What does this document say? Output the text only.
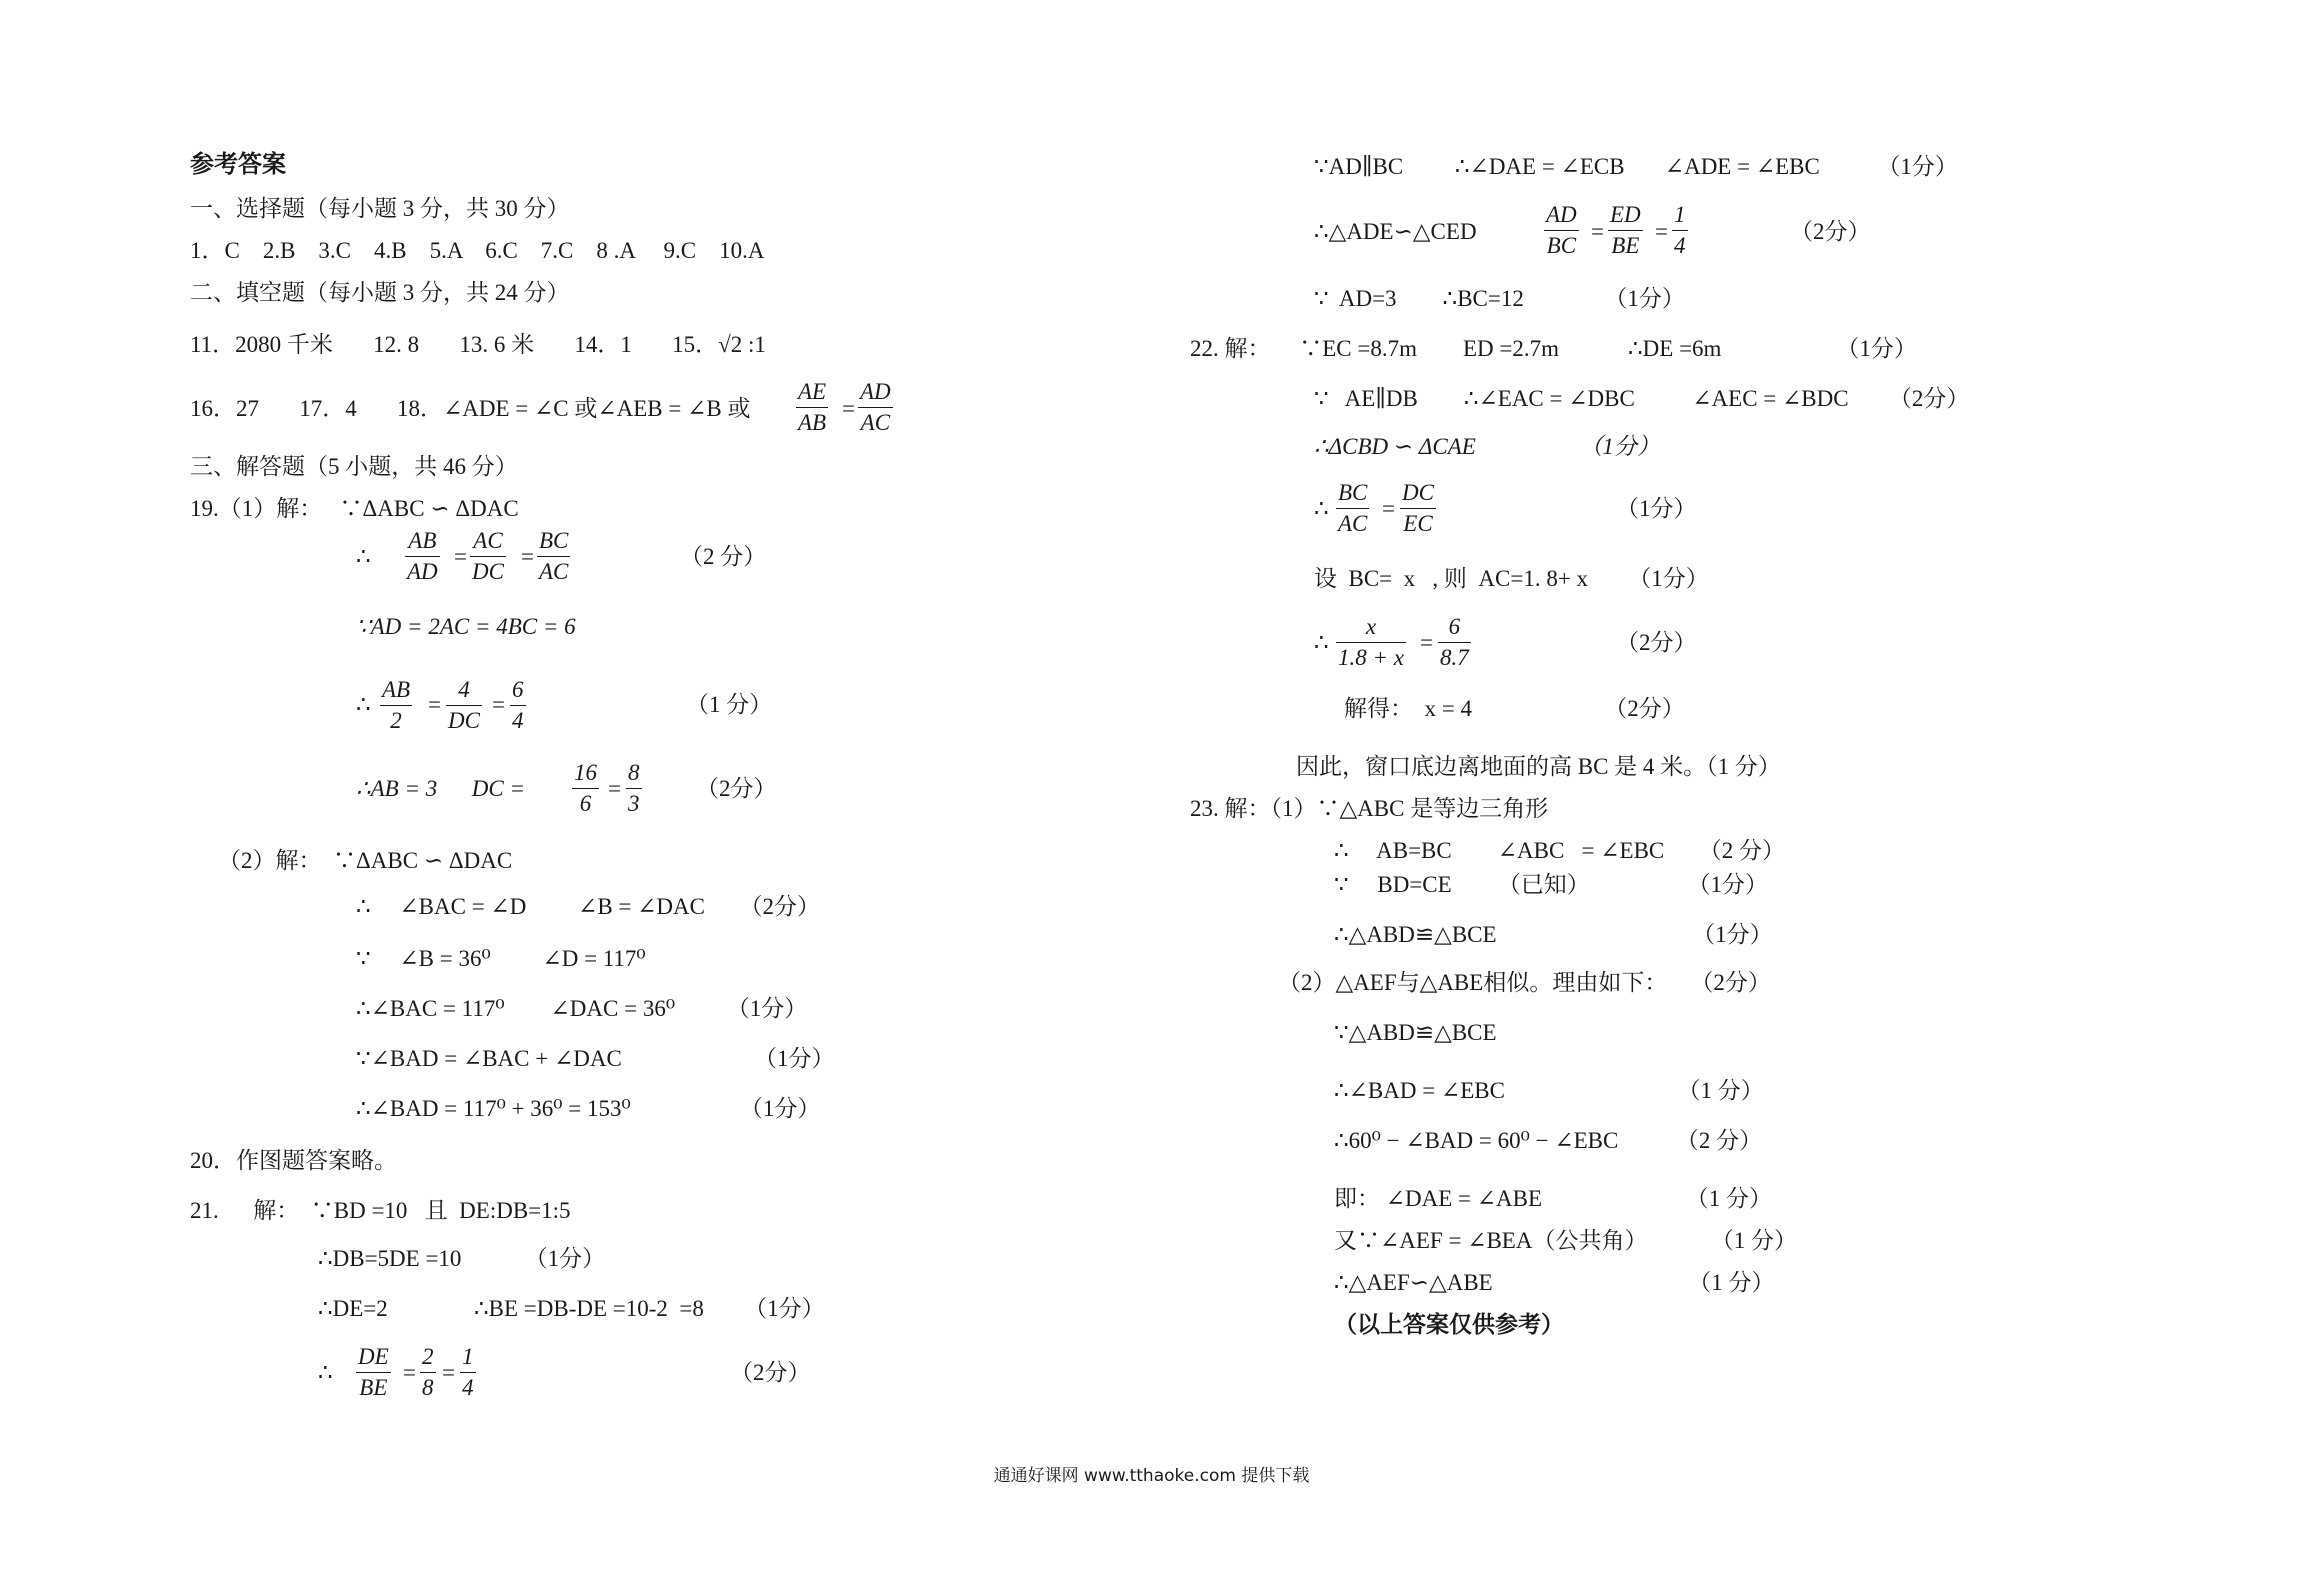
参考答案
一、选择题（每小题 3 分，共 30 分）
1．C    2.B    3.C    4.B    5.A    6.C    7.C    8 .A     9.C    10.A
二、填空题（每小题 3 分，共 24 分）
11．2080 千米       12. 8       13. 6 米       14．1       15．√2 :1
16．27       17．4       18．∠ADE = ∠C 或∠AEB = ∠B 或
AE
AB
=
AD
AC
三、解答题（5 小题，共 46 分）
19.（1）解：   ∵ΔABC ∽ ΔDAC
∴
AB
AD
=
AC
DC
=
BC
AC
（2 分）
∵AD = 2AC = 4BC = 6
∴
AB
2
=
4
DC
=
6
4
（1 分）
∴AB = 3      DC =
16
6
=
8
3
（2分）
（2）解：  ∵ΔABC ∽ ΔDAC
∴     ∠BAC = ∠D         ∠B = ∠DAC      （2分）
∵     ∠B = 36⁰         ∠D = 117⁰
∴∠BAC = 117⁰        ∠DAC = 36⁰         （1分）
∵∠BAD = ∠BAC + ∠DAC                       （1分）
∴∠BAD = 117⁰ + 36⁰ = 153⁰                   （1分）
20．作图题答案略。
21.      解：  ∵BD =10   且  DE:DB=1:5
∴DB=5DE =10           （1分）
∴DE=2               ∴BE =DB-DE =10-2  =8       （1分）
∴
DE
BE
=
2
8
=
1
4
（2分）
∵AD∥BC         ∴∠DAE = ∠ECB       ∠ADE = ∠EBC          （1分）
∴△ADE∽△CED
AD
BC
=
ED
BE
=
1
4
（2分）
∵  AD=3        ∴BC=12              （1分）
22. 解：     ∵EC =8.7m        ED =2.7m            ∴DE =6m                    （1分）
∵   AE∥DB        ∴∠EAC = ∠DBC          ∠AEC = ∠BDC       （2分）
∴ΔCBD ∽ ΔCAE                  （1分）
∴
BC
AC
=
DC
EC
（1分）
设  BC=  x   , 则  AC=1. 8+ x       （1分）
∴
x
1.8 + x
=
6
8.7
（2分）
解得：  x = 4                       （2分）
因此，窗口底边离地面的高 BC 是 4 米。（1 分）
23. 解：（1）∵△ABC 是等边三角形
∴     AB=BC        ∠ABC   = ∠EBC      （2 分）
∵     BD=CE        （已知）                 （1分）
∴△ABD≌△BCE                                  （1分）
（2）△AEF与△ABE相似。理由如下：    （2分）
∵△ABD≌△BCE
∴∠BAD = ∠EBC                              （1 分）
∴60⁰ − ∠BAD = 60⁰ − ∠EBC          （2 分）
即： ∠DAE = ∠ABE                         （1 分）
又∵∠AEF = ∠BEA（公共角）           （1 分）
∴△AEF∽△ABE                                  （1 分）
（以上答案仅供参考）
通通好课网 www.tthaoke.com 提供下载
